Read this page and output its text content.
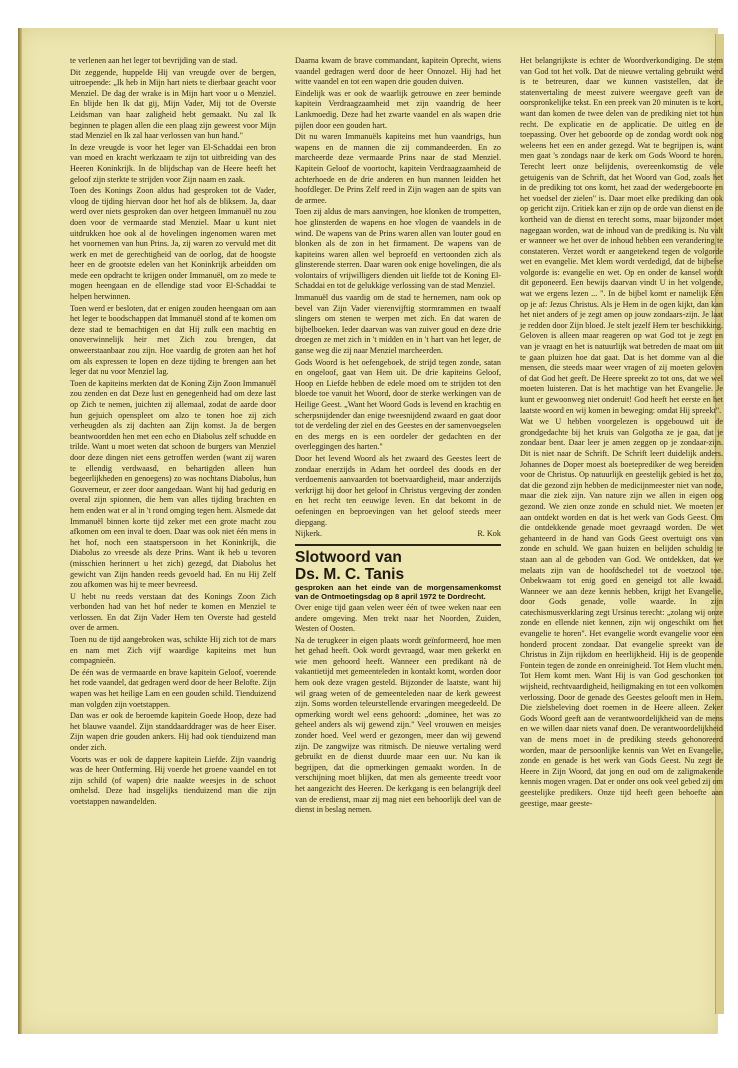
te verlenen aan het leger tot bevrijding van de stad.

Dit zeggende, huppelde Hij van vreugde over de bergen, uitroepende: „Ik heb in Mijn hart niets te dierbaar geacht voor Menziel. De dag der wrake is in Mijn hart voor u o Menziel. En blijde ben Ik dat gij, Mijn Vader, Mij tot de Overste Leidsman van haar zaligheid hebt gemaakt. Nu zal Ik beginnen te plagen allen die een plaag zijn geweest voor Mijn stad Menziel en Ik zal haar verlossen van hun hand."

In deze vreugde is voor het leger van El-Schaddai een bron van moed en kracht werkzaam te zijn tot uitbreiding van des Heeren Koninkrijk. In de blijdschap van de Heere heeft het geloof zijn sterkte te strijden voor Zijn naam en zaak.

Toen des Konings Zoon aldus had gesproken tot de Vader, vloog de tijding hiervan door het hof als de bliksem. Ja, daar werd over niets gesproken dan over hetgeen Immanuël nu zou doen voor de vermaarde stad Menziel. Maar u kunt niet uitdrukken hoe ook al de hovelingen ingenomen waren met het voornemen van hun Prins. Ja, zij waren zo vervuld met dit werk en met de gerechtigheid van de oorlog, dat de hoogste heer en de grootste edelen van het Koninkrijk arbeidden om mede een opdracht te krijgen onder Immanuël, om zo mede te mogen heengaan en de ellendige stad voor El-Schaddai te helpen herwinnen.

Toen werd er besloten, dat er enigen zouden heengaan om aan het leger te boodschappen dat Immanuël stond af te komen om deze stad te bemachtigen en dat Hij zulk een machtig en onoverwinnelijk heir met Zich zou brengen, dat onweerstaanbaar zou zijn. Hoe vaardig de groten aan het hof om als expressen te lopen en deze tijding te brengen aan het leger dat nu voor Menziel lag.

Toen de kapiteins merkten dat de Koning Zijn Zoon Immanuël zou zenden en dat Deze lust en genegenheid had om deze last op Zich te nemen, juichten zij allemaal, zodat de aarde door hun gejuich openspleet om alzo te tonen hoe zij zich verheugden als zij dachten aan Zijn komst. Ja de bergen beantwoordden hen met een echo en Diabolus zelf schudde en trilde. Want u moet weten dat schoon de burgers van Menziel door deze dingen niet eens getroffen werden (want zij waren te ellendig verdwaasd, en behartigden alleen hun begeerlijkheden en genoegens) zo was nochtans Diabolus, hun Gouverneur, er zeer door aangedaan. Want hij had gedurig en overal zijn spionnen, die hem van alles tijding brachten en hem enden wat er al in 't rond omging tegen hem. Alsmede dat Immanuël binnen korte tijd zeker met een grote macht zou afkomen om een inval te doen. Daar was ook niet één mens in het hof, noch een staatspersoon in het Koninkrijk, die Diabolus zo vreesde als deze Prins. Want ik heb u tevoren (misschien herinnert u het zich) gezegd, dat Diabolus het gewicht van Zijn handen reeds gevoeld had. En nu Hij Zelf zou afkomen was hij te meer bevreesd.

U hebt nu reeds verstaan dat des Konings Zoon Zich verbonden had van het hof neder te komen en Menziel te verlossen. En dat Zijn Vader Hem ten Overste had gesteld over de armen.

Toen nu de tijd aangebroken was, schikte Hij zich tot de mars en nam met Zich vijf waardige kapiteins met hun compagnieën.

De één was de vermaarde en brave kapitein Geloof, voerende het rode vaandel, dat gedragen werd door de heer Belofte. Zijn wapen was het heilige Lam en een gouden schild. Tienduizend man volgden zijn voetstappen.

Dan was er ook de beroemde kapitein Goede Hoop, deze had het blauwe vaandel. Zijn standdaarddrager was de heer Eiser. Zijn wapen drie gouden ankers. Hij had ook tienduizend man onder zich.

Voorts was er ook de dappere kapitein Liefde. Zijn vaandrig was de heer Ontferming. Hij voerde het groene vaandel en tot zijn schild (of wapen) drie naakte weesjes in de schoot omhelsd. Deze had insgelijks tienduizend man die zijn voetstappen nawandelden.

Daarna kwam de brave commandant, kapitein Oprecht, wiens vaandel gedragen werd door de heer Onnozel. Hij had het witte vaandel en tot een wapen drie gouden duiven.

Eindelijk was er ook de waarlijk getrouwe en zeer beminde kapitein Verdraagzaamheid met zijn vaandrig de heer Lankmoedig. Deze had het zwarte vaandel en als wapen drie pijlen door een gouden hart.

Dit nu waren Immanuëls kapiteins met hun vaandrigs, hun wapens en de mannen die zij commandeerden. En zo marcheerde deze vermaarde Prins naar de stad Menziel. Kapitein Geloof de voortocht, kapitein Verdraagzaamheid de achterhoede en de drie anderen en hun mannen leidden het hoofdleger. De Prins Zelf reed in Zijn wagen aan de spits van de armee.

Toen zij aldus de mars aanvingen, hoe klonken de trompetten, hoe glinsterden de wapens en hoe vlogen de vaandels in de wind. De wapens van de Prins waren allen van louter goud en blonken als de zon in het firmament. De wapens van de kapiteins waren allen wel beproefd en vertoonden zich als glinsterende sterren. Daar waren ook enige hovelingen, die als volontairs of vrijwilligers dienden uit liefde tot de Koning El-Schaddai en tot de gelukkige verlossing van de stad Menziel.

Immanuël dus vaardig om de stad te hernemen, nam ook op bevel van Zijn Vader vierenvijftig stormrammen en twaalf slingers om stenen te werpen met zich. En dat waren de bijbelboeken. Ieder daarvan was van zuiver goud en deze drie droegen ze met zich in 't midden en in 't hart van het leger, de ganse weg die zij naar Menziel marcheerden.

Gods Woord is het oefengeboek, de strijd tegen zonde, satan en ongeloof, gaat van Hem uit. De drie kapiteins Geloof, Hoop en Liefde hebben de edele moed om te strijden tot den bloede toe vanuit het Woord, door de sterke werkingen van de Heilige Geest. „Want het Woord Gods is levend en krachtig en scherpsnijdender dan enige tweesnijdend zwaard en gaat door tot de verdeling der ziel en des Geestes en der samenvoegselen en des mergs en is een oordeler der gedachten en der overleggingen des harten."

Door het levend Woord als het zwaard des Geestes leert de zondaar enerzijds in Adam het oordeel des doods en der verdoemenis aanvaarden tot boetvaardigheid, maar anderzijds verkrijgt hij door het geloof in Christus vergeving der zonden en het recht ten eeuwige leven. En dat bekomt in de oefeningen en beproevingen van het geloof steeds meer diepgang.

Nijkerk.	R. Kok
Slotwoord van
Ds. M. C. Tanis

gesproken aan het einde van de morgensamenkomst van de Ontmoetingsdag op 8 april 1972 te Dordrecht.

Over enige tijd gaan velen weer één of twee weken naar een andere omgeving. Men trekt naar het Noorden, Zuiden, Westen of Oosten.

Na de terugkeer in eigen plaats wordt geïnformeerd, hoe men het gehad heeft. Ook wordt gevraagd, waar men gekerkt en wie men gehoord heeft. Wanneer een predikant nà de vakantietijd met gemeenteleden in kontakt komt, worden door hem ook deze vragen gesteld. Bijzonder de laatste, want hij wil graag weten of de gemeenteleden naar de kerk geweest zijn. Soms worden teleurstellende ervaringen meegedeeld. De opmerking wordt wel eens gehoord: „dominee, het was zo geheel anders als wij gewend zijn." Veel vrouwen en meisjes zonder hoed. Veel werd er gezongen, meer dan wij gewend zijn. De zangwijze was ritmisch. De nieuwe vertaling werd gebruikt en de dienst duurde maar een uur. Nu kan ik begrijpen, dat die opmerkingen gemaakt worden. In de verschijning moet blijken, dat men als gemeente treedt voor het aangezicht des Heeren. De kerkgang is een belangrijk deel van de eredienst, maar zij mag niet een behoorlijk deel van de dienst in beslag nemen.

Het belangrijkste is echter de Woordverkondiging. De stem van God tot het volk. Dat de nieuwe vertaling gebruikt werd is te betreuren, daar we kunnen vaststellen, dat de statenvertaling de meest zuivere weergave geeft van de oorspronkelijke tekst. En een preek van 20 minuten is te kort, want dan komen de twee delen van de prediking niet tot hun recht. De explicatie en de applicatie. De uitleg en de toepassing. Over het geboorde op de zondag wordt ook nog weleens het een en ander gezegd. Wat te begrijpen is, want men gaat 's zondags naar de kerk om Gods Woord te horen. Terecht leert onze belijdenis, overeenkomstig de vele getuigenis van de Schrift, dat het Woord van God, zoals het in de prediking tot ons komt, het zaad der wedergeboorte en het voedsel der zielen" is. Daar moet elke prediking dan ook op gericht zijn. Critiek kan er zijn op de orde van dienst en de kortheid van de dienst en terecht soms, maar bijzonder moet nagegaan worden, wat de inhoud van de prediking is. Nu valt er wanneer we het over de inhoud hebben een verandering te constateren. Verzet wordt er aangetekend tegen de volgorde wet en evangelie. Met klem wordt verdedigd, dat de bijbelse volgorde is: evangelie en wet. Op en onder de kansel wordt dit geponeerd. Een bewijs daarvan vindt U in het volgende, wat we ergens lezen ... ". In de bijbel komt er namelijk Eén op je af: Jezus Christus. Als je Hem in de ogen kijkt, dan kan het niet anders of je zegt amen op jouw zondaars-zijn. Je laat je redden door Zijn bloed. Je stelt jezelf Hem ter beschikking. Geloven is alleen maar reageren op wat God tot je zegt en van je vraagt en het is natuurlijk wat betreden de maat om uit te gaan pluizen hoe dat gaat. Dat is het domme van al die mensen, die steeds maar weer vragen of zij moeten geloven of dat God het geeft. De Heere spreekt zo tot ons, dat we wel moeten luisteren. Dat is het machtige van het Evangelie. Je kunt er gewoonweg niet onderuit! God heeft het eerste en het laatste woord en wij komen in beweging: omdat Hij spreekt".

Wat we U hebben voorgelezen is opgebouwd uit de grondgedachte bij het kruis van Golgotha ze je gaa, dat je zondaar bent. Daar leer je amen zeggen op je zondaar-zijn. Dit is niet naar de Schrift. De Schrift leert duidelijk anders. Johannes de Doper moest als boeteprediker de weg bereiden voor de Christus. Op natuurlijk en geestelijk gebied is het zo, dat die gezond zijn hebben de medicijnmeester niet van node, maar die ziek zijn. Van nature zijn we allen in eigen oog gezond. We zien onze zonde en schuld niet. We moeten er aan ontdekt worden en dat is het werk van Gods Geest. Om die ontdekkende genade moet gevraagd worden. De wet gehanteerd in de hand van Gods Geest overtuigt ons van zonde en schuld. We gaan huizen en belijden schuldig te staan aan al de geboden van God. We ontdekken, dat we melaats zijn van de hoofdschedel tot de voetzool toe. Onbekwaam tot enig goed en geneigd tot alle kwaad. Wanneer we aan deze kennis hebben, krijgt het Evangelie, door Gods genade, volle waarde. In zijn catechismusverklaring zegt Ursinus terecht: „zolang wij onze zonde en ellende niet kennen, zijn wij ongeschikt om het evangelie te horen". Het evangelie wordt evangelie voor een honderd procent zondaar. Dat evangelie spreekt van de Christus in Zijn rijkdom en heerlijkheid. Hij is de geopende Fontein tegen de zonde en onreinigheid. Tot Hem vlucht men. Tot Hem komt men. Want Hij is van God geschonken tot wijsheid, rechtvaardigheid, heiligmaking en tot een volkomen verlossing. Door de genade des Geestes gelooft men in Hem. Die zielsbeleving doet roemen in de Heere alleen. Zeker Gods Woord geeft aan de verantwoordelijkheid van de mens en we willen daar niets vanaf doen. De verantwoordelijkheid van de mens moet in de prediking steeds gehonoreerd worden, maar de persoonlijke kennis van Wet en Evangelie, zonde en genade is het werk van Gods Geest. Nu zegt de Heere in Zijn Woord, dat jong en oud om de zaligmakende kennis mogen vragen. Dat er onder ons ook veel gebed zij om geestelijke predikers. Onze tijd heeft geen behoefte aan geestige, maar geeste-
